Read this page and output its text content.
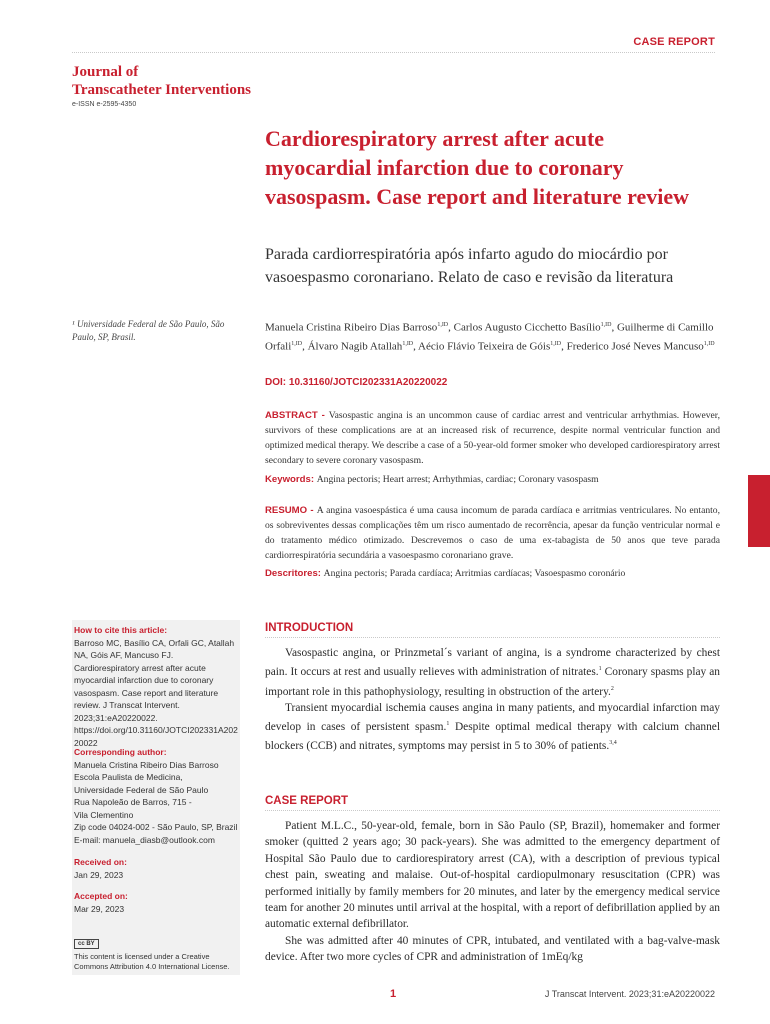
CASE REPORT
Journal of
Transcatheter Interventions
e-ISSN e-2595-4350
Cardiorespiratory arrest after acute myocardial infarction due to coronary vasospasm. Case report and literature review
Parada cardiorrespiratória após infarto agudo do miocárdio por vasoespasmo coronariano. Relato de caso e revisão da literatura
¹ Universidade Federal de São Paulo, São Paulo, SP, Brasil.
Manuela Cristina Ribeiro Dias Barroso$^{1,ID}$, Carlos Augusto Cicchetto Basílio$^{1,ID}$, Guilherme di Camillo Orfali$^{1,ID}$, Álvaro Nagib Atallah$^{1,ID}$, Aécio Flávio Teixeira de Góis$^{1,ID}$, Frederico José Neves Mancuso$^{1,ID}$
DOI: 10.31160/JOTCI202331A20220022
ABSTRACT - Vasospastic angina is an uncommon cause of cardiac arrest and ventricular arrhythmias. However, survivors of these complications are at an increased risk of recurrence, despite normal ventricular function and optimized medical therapy. We describe a case of a 50-year-old former smoker who developed cardiorespiratory arrest secondary to severe coronary vasospasm.
Keywords: Angina pectoris; Heart arrest; Arrhythmias, cardiac; Coronary vasospasm
RESUMO - A angina vasoespástica é uma causa incomum de parada cardíaca e arritmias ventriculares. No entanto, os sobreviventes dessas complicações têm um risco aumentado de recorrência, apesar da função ventricular normal e do tratamento médico otimizado. Descrevemos o caso de uma ex-tabagista de 50 anos que teve parada cardiorrespiratória secundária a vasoespasmo coronariano grave.
Descritores: Angina pectoris; Parada cardíaca; Arritmias cardíacas; Vasoespasmo coronário
How to cite this article:
Barroso MC, Basílio CA, Orfali GC, Atallah NA, Góis AF, Mancuso FJ. Cardiorespiratory arrest after acute myocardial infarction due to coronary vasospasm. Case report and literature review. J Transcat Intervent. 2023;31:eA20220022. https://doi.org/10.31160/JOTCI202331A20220022
Corresponding author:
Manuela Cristina Ribeiro Dias Barroso
Escola Paulista de Medicina,
Universidade Federal de São Paulo
Rua Napoleão de Barros, 715 -
Vila Clementino
Zip code 04024-002 - São Paulo, SP, Brazil
E-mail: manuela_diasb@outlook.com
Received on:
Jan 29, 2023
Accepted on:
Mar 29, 2023
cc BY
This content is licensed under a Creative Commons Attribution 4.0 International License.
INTRODUCTION

Vasospastic angina, or Prinzmetal´s variant of angina, is a syndrome characterized by chest pain. It occurs at rest and usually relieves with administration of nitrates.$^1$ Coronary spasms play an important role in this pathophysiology, resulting in obstruction of the artery.$^2$

Transient myocardial ischemia causes angina in many patients, and myocardial infarction may develop in cases of persistent spasm.$^1$ Despite optimal medical therapy with calcium channel blockers (CCB) and nitrates, symptoms may persist in 5 to 30% of patients.$^{3,4}$

CASE REPORT

Patient M.L.C., 50-year-old, female, born in São Paulo (SP, Brazil), homemaker and former smoker (quitted 2 years ago; 30 pack-years). She was admitted to the emergency department of Hospital São Paulo due to cardiorespiratory arrest (CA), with a description of previous typical chest pain, sweating and malaise. Out-of-hospital cardiopulmonary resuscitation (CPR) was performed initially by family members for 20 minutes, and later by the emergency medical service team for another 20 minutes until arrival at the hospital, with a report of defibrillation applied by an automatic external defibrillator.

She was admitted after 40 minutes of CPR, intubated, and ventilated with a bag-valve-mask device. After two more cycles of CPR and administration of 1mEq/kg

1	J Transcat Intervent. 2023;31:eA20220022
